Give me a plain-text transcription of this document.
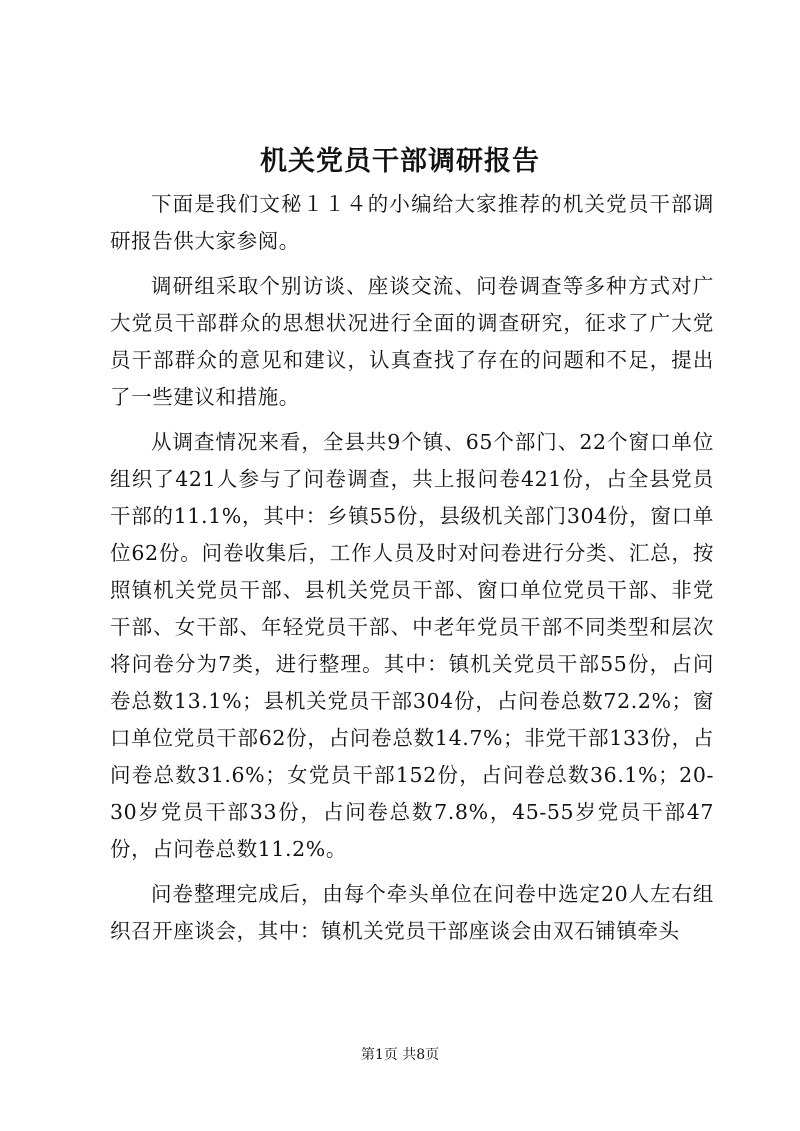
机关党员干部调研报告

下面是我们文秘１１４的小编给大家推荐的机关党员干部调研报告供大家参阅。

调研组采取个别访谈、座谈交流、问卷调查等多种方式对广大党员干部群众的思想状况进行全面的调查研究，征求了广大党员干部群众的意见和建议，认真查找了存在的问题和不足，提出了一些建议和措施。

从调查情况来看，全县共9个镇、65个部门、22个窗口单位组织了421人参与了问卷调查，共上报问卷421份，占全县党员干部的11.1%，其中：乡镇55份，县级机关部门304份，窗口单位62份。问卷收集后，工作人员及时对问卷进行分类、汇总，按照镇机关党员干部、县机关党员干部、窗口单位党员干部、非党干部、女干部、年轻党员干部、中老年党员干部不同类型和层次将问卷分为7类，进行整理。其中：镇机关党员干部55份，占问卷总数13.1%；县机关党员干部304份，占问卷总数72.2%；窗口单位党员干部62份，占问卷总数14.7%；非党干部133份，占问卷总数31.6%；女党员干部152份，占问卷总数36.1%；20-30岁党员干部33份，占问卷总数7.8%，45-55岁党员干部47份，占问卷总数11.2%。

问卷整理完成后，由每个牵头单位在问卷中选定20人左右组织召开座谈会，其中：镇机关党员干部座谈会由双石铺镇牵头

第1页 共8页
